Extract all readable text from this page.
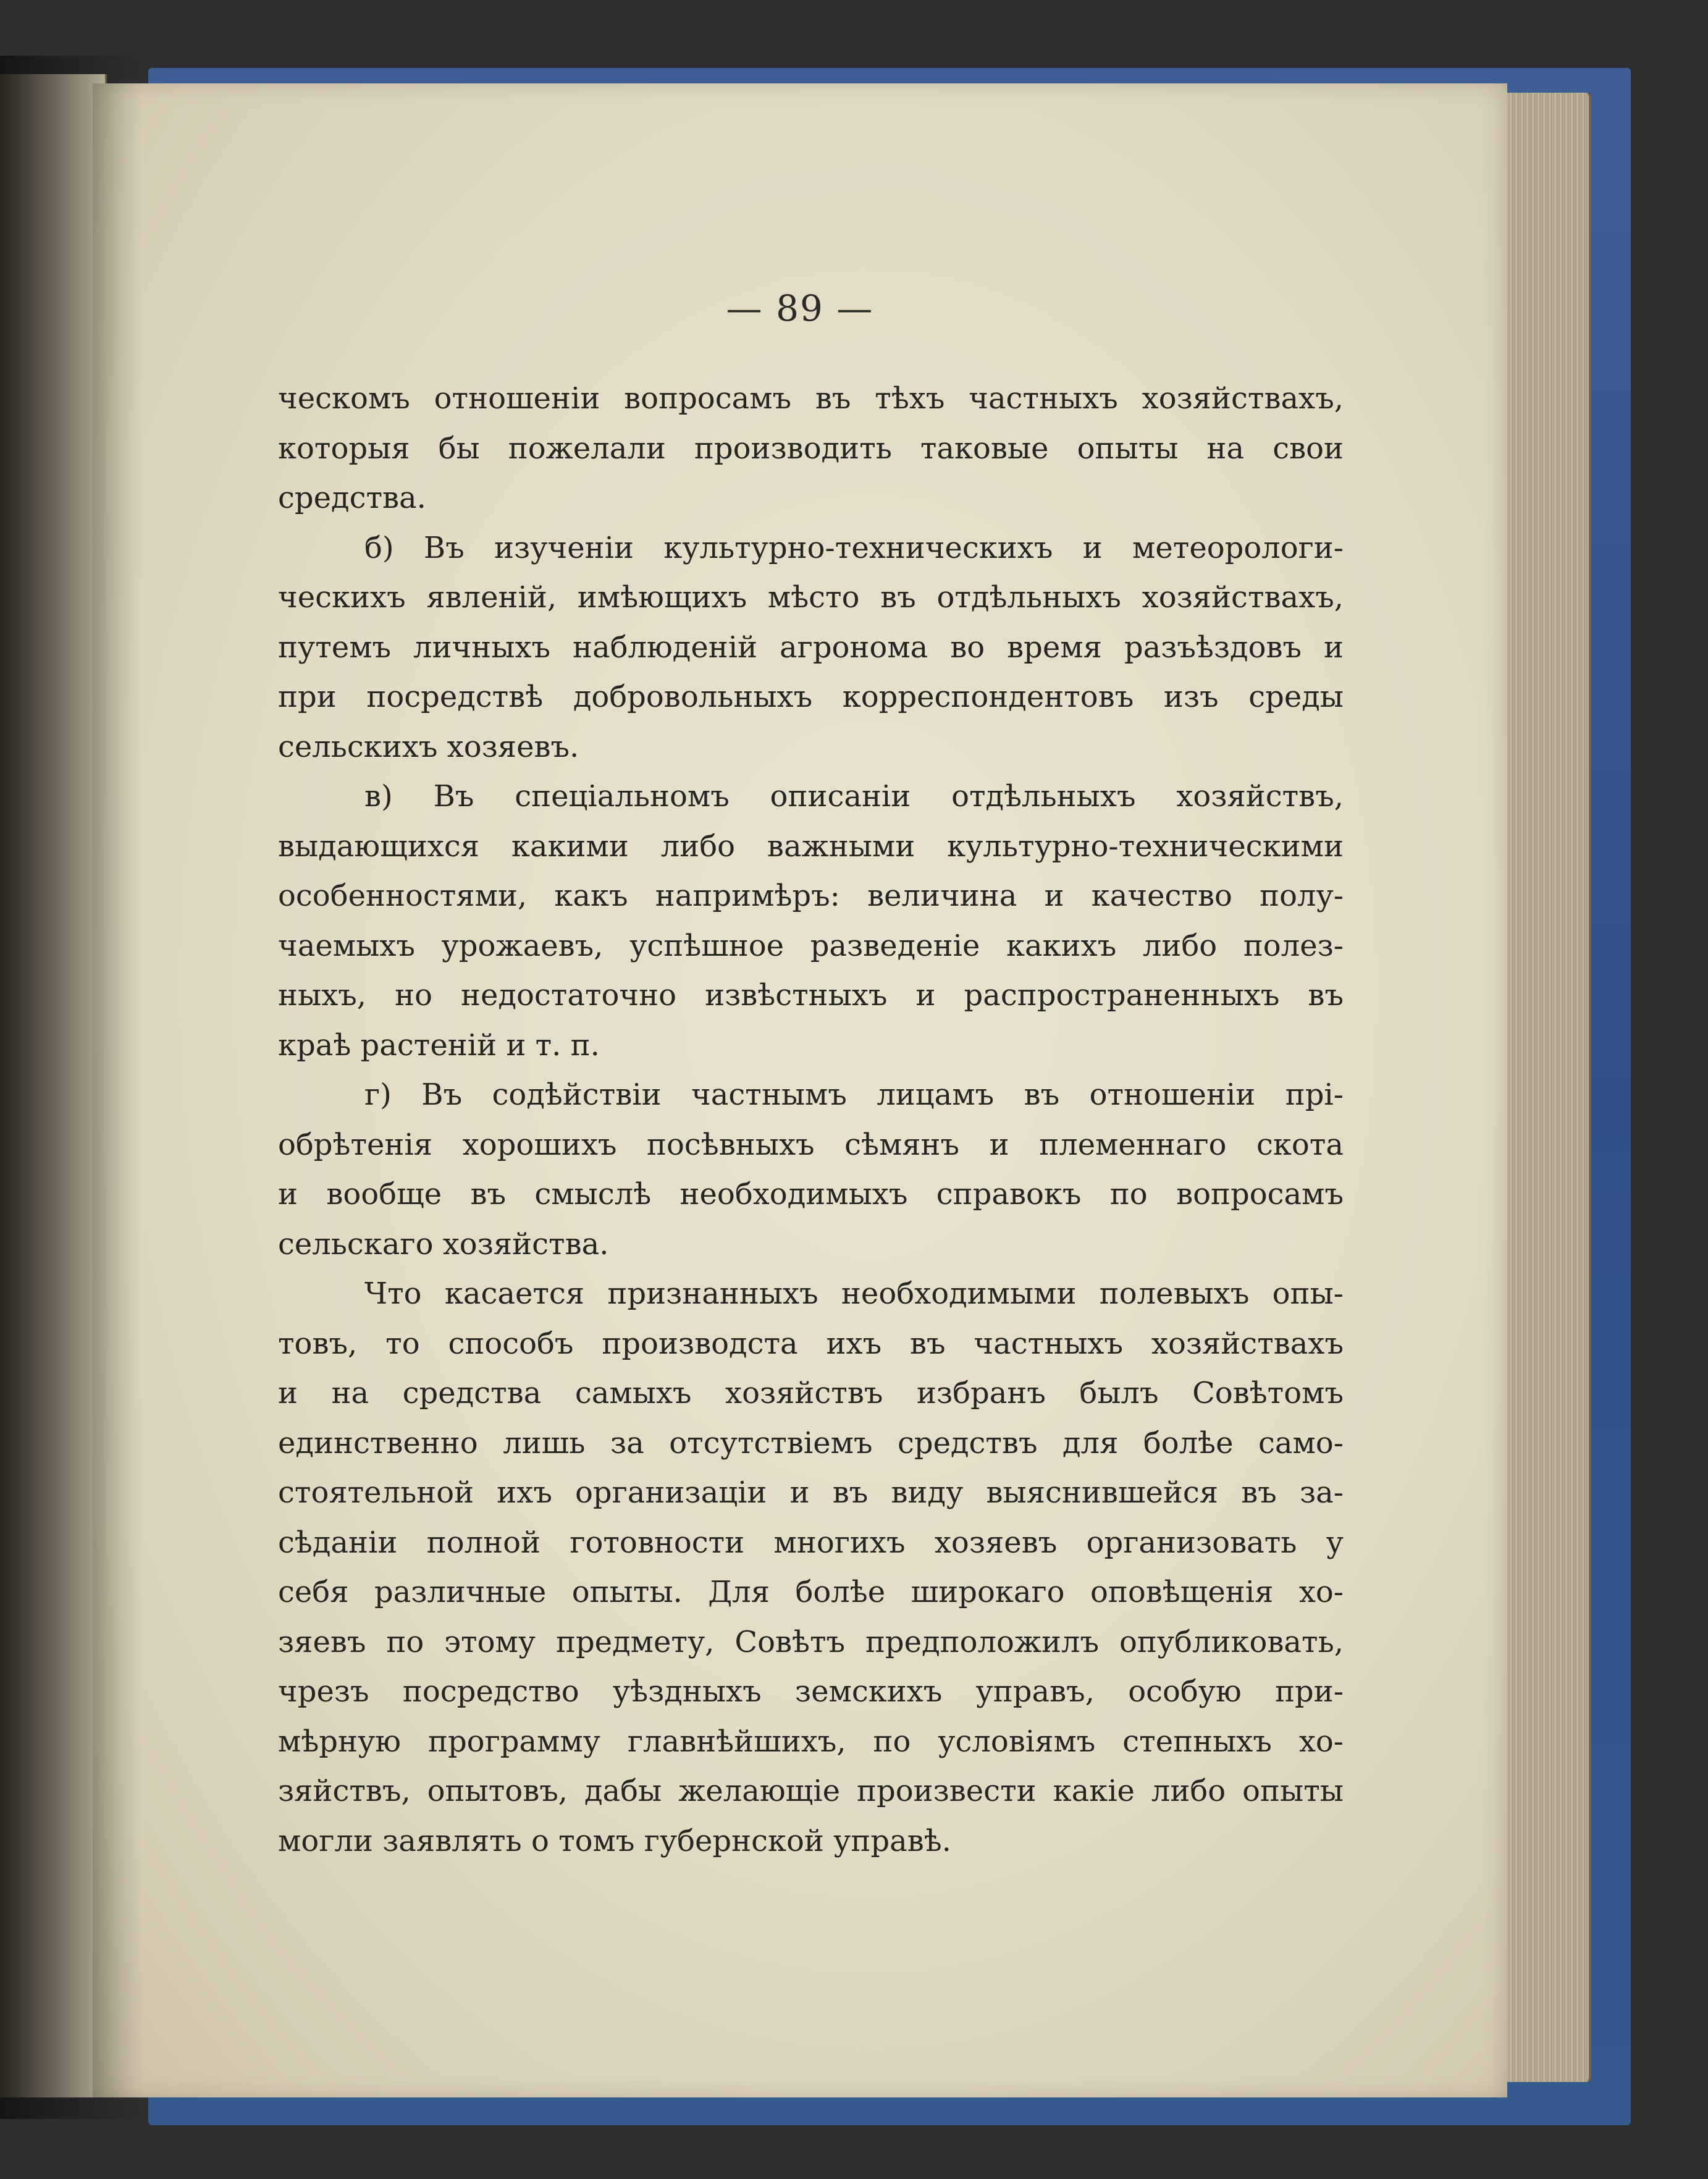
— 89 —
ческомъ отношеніи вопросамъ въ тѣхъ частныхъ хозяйствахъ,
которыя бы пожелали производить таковые опыты на свои
средства.
б) Въ изученіи культурно-техническихъ и метеорологи-
ческихъ явленій, имѣющихъ мѣсто въ отдѣльныхъ хозяйствахъ,
путемъ личныхъ наблюденій агронома во время разъѣздовъ и
при посредствѣ добровольныхъ корреспондентовъ изъ среды
сельскихъ хозяевъ.
в) Въ спеціальномъ описаніи отдѣльныхъ хозяйствъ,
выдающихся какими либо важными культурно-техническими
особенностями, какъ напримѣръ: величина и качество полу-
чаемыхъ урожаевъ, успѣшное разведеніе какихъ либо полез-
ныхъ, но недостаточно извѣстныхъ и распространенныхъ въ
краѣ растеній и т. п.
г) Въ содѣйствіи частнымъ лицамъ въ отношеніи прі-
обрѣтенія хорошихъ посѣвныхъ сѣмянъ и племеннаго скота
и вообще въ смыслѣ необходимыхъ справокъ по вопросамъ
сельскаго хозяйства.
Что касается признанныхъ необходимыми полевыхъ опы-
товъ, то способъ производста ихъ въ частныхъ хозяйствахъ
и на средства самыхъ хозяйствъ избранъ былъ Совѣтомъ
единственно лишь за отсутствіемъ средствъ для болѣе само-
стоятельной ихъ организаціи и въ виду выяснившейся въ за-
сѣданіи полной готовности многихъ хозяевъ организовать у
себя различные опыты. Для болѣе широкаго оповѣщенія хо-
зяевъ по этому предмету, Совѣтъ предположилъ опубликовать,
чрезъ посредство уѣздныхъ земскихъ управъ, особую при-
мѣрную программу главнѣйшихъ, по условіямъ степныхъ хо-
зяйствъ, опытовъ, дабы желающіе произвести какіе либо опыты
могли заявлять о томъ губернской управѣ.
